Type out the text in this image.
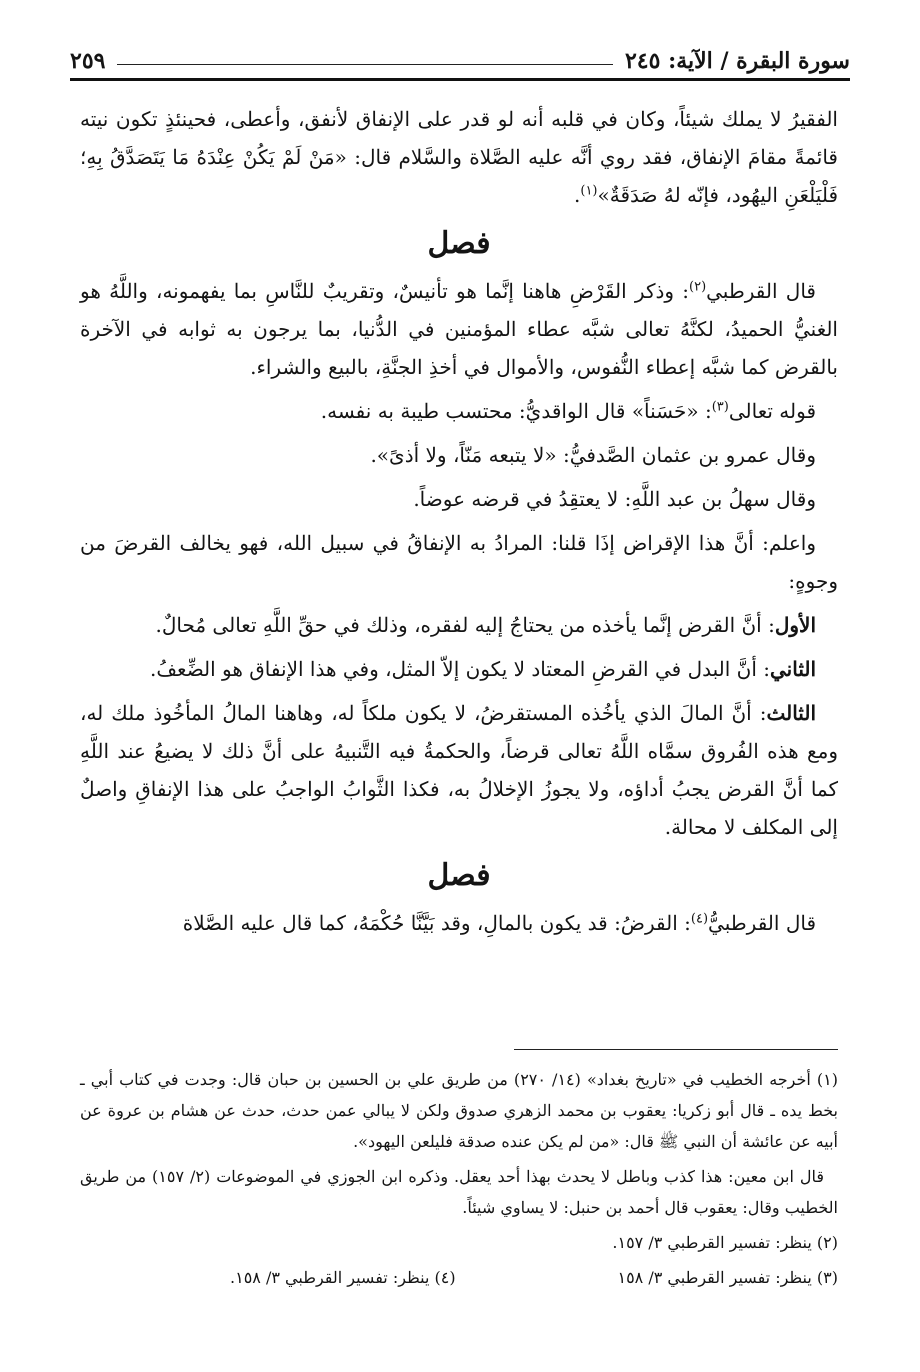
سورة البقرة / الآية: ٢٤٥
٢٥٩

الفقيرُ لا يملك شيئاً، وكان في قلبه أنه لو قدر على الإنفاق لأنفق، وأعطى، فحينئذٍ تكون نيته قائمةً مقامَ الإنفاق، فقد روي أنَّه عليه الصَّلاة والسَّلام قال: «مَنْ لَمْ يَكُنْ عِنْدَهُ مَا يَتَصَدَّقُ بِهِ؛ فَلْيَلْعَنِ اليهُود، فإنّه لهُ صَدَقَةٌ»$^{(١)}$.

فصل

قال القرطبي$^{(٢)}$: وذكر القَرْضِ هاهنا إنَّما هو تأنيسٌ، وتقريبٌ للنَّاسِ بما يفهمونه، واللَّهُ هو الغنيُّ الحميدُ، لكنَّهُ تعالى شبَّه عطاء المؤمنين في الدُّنيا، بما يرجون به ثوابه في الآخرة بالقرض كما شبَّه إعطاء النُّفوس، والأموال في أخذِ الجنَّةِ، بالبيع والشراء.

قوله تعالى$^{(٣)}$: «حَسَناً» قال الواقديُّ: محتسب طيبة به نفسه.

وقال عمرو بن عثمان الصَّدفيُّ: «لا يتبعه مَنّاً، ولا أذىً».

وقال سهلُ بن عبد اللَّهِ: لا يعتقِدُ في قرضه عوضاً.

واعلم: أنَّ هذا الإقراض إذَا قلنا: المرادُ به الإنفاقُ في سبيل الله، فهو يخالف القرضَ من وجوهٍ:

الأول: أنَّ القرض إنَّما يأخذه من يحتاجُ إليه لفقره، وذلك في حقِّ اللَّهِ تعالى مُحالٌ.

الثاني: أنَّ البدل في القرضِ المعتاد لا يكون إلاّ المثل، وفي هذا الإنفاق هو الضِّعفُ.

الثالث: أنَّ المالَ الذي يأخُذه المستقرضُ، لا يكون ملكاً له، وهاهنا المالُ المأخُوذ ملك له، ومع هذه الفُروق سمَّاه اللَّهُ تعالى قرضاً، والحكمةُ فيه التَّنبيهُ على أنَّ ذلك لا يضيعُ عند اللَّهِ كما أنَّ القرض يجبُ أداؤه، ولا يجوزُ الإخلالُ به، فكذا الثَّوابُ الواجبُ على هذا الإنفاقِ واصلٌ إلى المكلف لا محالة.

فصل

قال القرطبيُّ$^{(٤)}$: القرضُ: قد يكون بالمالِ، وقد بَيَّنَّا حُكْمَهُ، كما قال عليه الصَّلاة

(١) أخرجه الخطيب في «تاريخ بغداد» (١٤/ ٢٧٠) من طريق علي بن الحسين بن حبان قال: وجدت في كتاب أبي ـ بخط يده ـ قال أبو زكريا: يعقوب بن محمد الزهري صدوق ولكن لا يبالي عمن حدث، حدث عن هشام بن عروة عن أبيه عن عائشة أن النبي ﷺ قال: «من لم يكن عنده صدقة فليلعن اليهود».

قال ابن معين: هذا كذب وباطل لا يحدث بهذا أحد يعقل. وذكره ابن الجوزي في الموضوعات (٢/ ١٥٧) من طريق الخطيب وقال: يعقوب قال أحمد بن حنبل: لا يساوي شيئاً.

(٢) ينظر: تفسير القرطبي ٣/ ١٥٧.

(٣) ينظر: تفسير القرطبي ٣/ ١٥٨
(٤) ينظر: تفسير القرطبي ٣/ ١٥٨.
